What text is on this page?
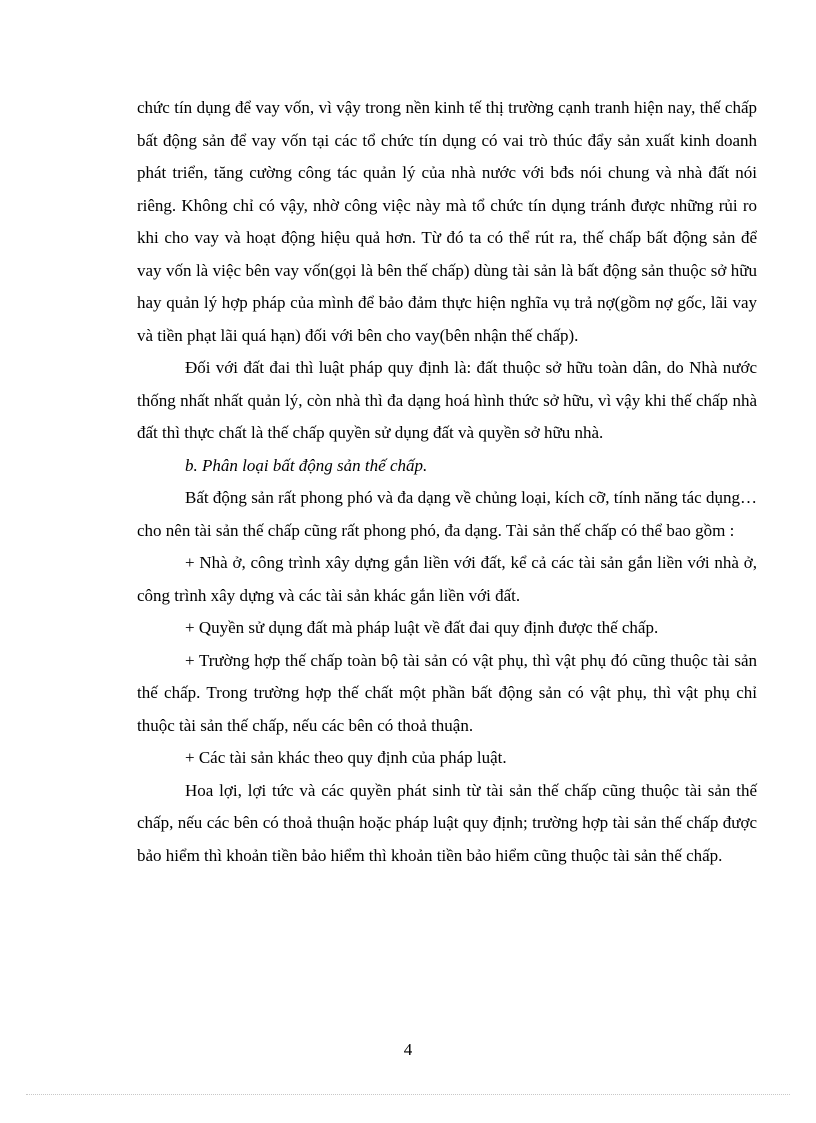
chức tín dụng để vay vốn, vì vậy trong nền kinh tế thị trường cạnh tranh hiện nay, thế chấp bất động sản để vay vốn tại các tổ chức tín dụng có vai trò thúc đẩy sản xuất kinh doanh phát triển, tăng cường công tác quản lý của nhà nước với bđs nói chung và nhà đất nói riêng. Không chỉ có vậy, nhờ công việc này mà tổ chức tín dụng tránh được những rủi ro khi cho vay và hoạt động hiệu quả hơn. Từ đó ta có thể rút ra, thế chấp bất động sản để vay vốn là việc bên vay vốn(gọi là bên thế chấp) dùng tài sản là bất động sản thuộc sở hữu hay quản lý hợp pháp của mình để bảo đảm thực hiện nghĩa vụ trả nợ(gồm nợ gốc, lãi vay và tiền phạt lãi quá hạn) đối với bên cho vay(bên nhận thế chấp).

Đối với đất đai thì luật pháp quy định là: đất thuộc sở hữu toàn dân, do Nhà nước thống nhất nhất quản lý, còn nhà thì đa dạng hoá hình thức sở hữu, vì vậy khi thế chấp nhà đất thì thực chất là thế chấp quyền sử dụng đất và quyền sở hữu nhà.

b. Phân loại bất động sản thế chấp.

Bất động sản rất phong phó và đa dạng về chủng loại, kích cỡ, tính năng tác dụng…cho nên tài sản thế chấp cũng rất phong phó, đa dạng. Tài sản thế chấp có thể bao gồm :

+ Nhà ở, công trình xây dựng gắn liền với đất, kể cả các tài sản gắn liền với nhà ở, công trình xây dựng và các tài sản khác gắn liền với đất.

+ Quyền sử dụng đất mà pháp luật về đất đai quy định được thế chấp.

+ Trường hợp thế chấp toàn bộ tài sản có vật phụ, thì vật phụ đó cũng thuộc tài sản thế chấp. Trong trường hợp thế chất một phần bất động sản có vật phụ, thì vật phụ chỉ thuộc tài sản thế chấp, nếu các bên có thoả thuận.

+ Các tài sản khác theo quy định của pháp luật.

Hoa lợi, lợi tức và các quyền phát sinh từ tài sản thế chấp cũng thuộc tài sản thế chấp, nếu các bên có thoả thuận hoặc pháp luật quy định; trường hợp tài sản thế chấp được bảo hiểm thì khoản tiền bảo hiểm thì khoản tiền bảo hiểm cũng thuộc tài sản thế chấp.

4
